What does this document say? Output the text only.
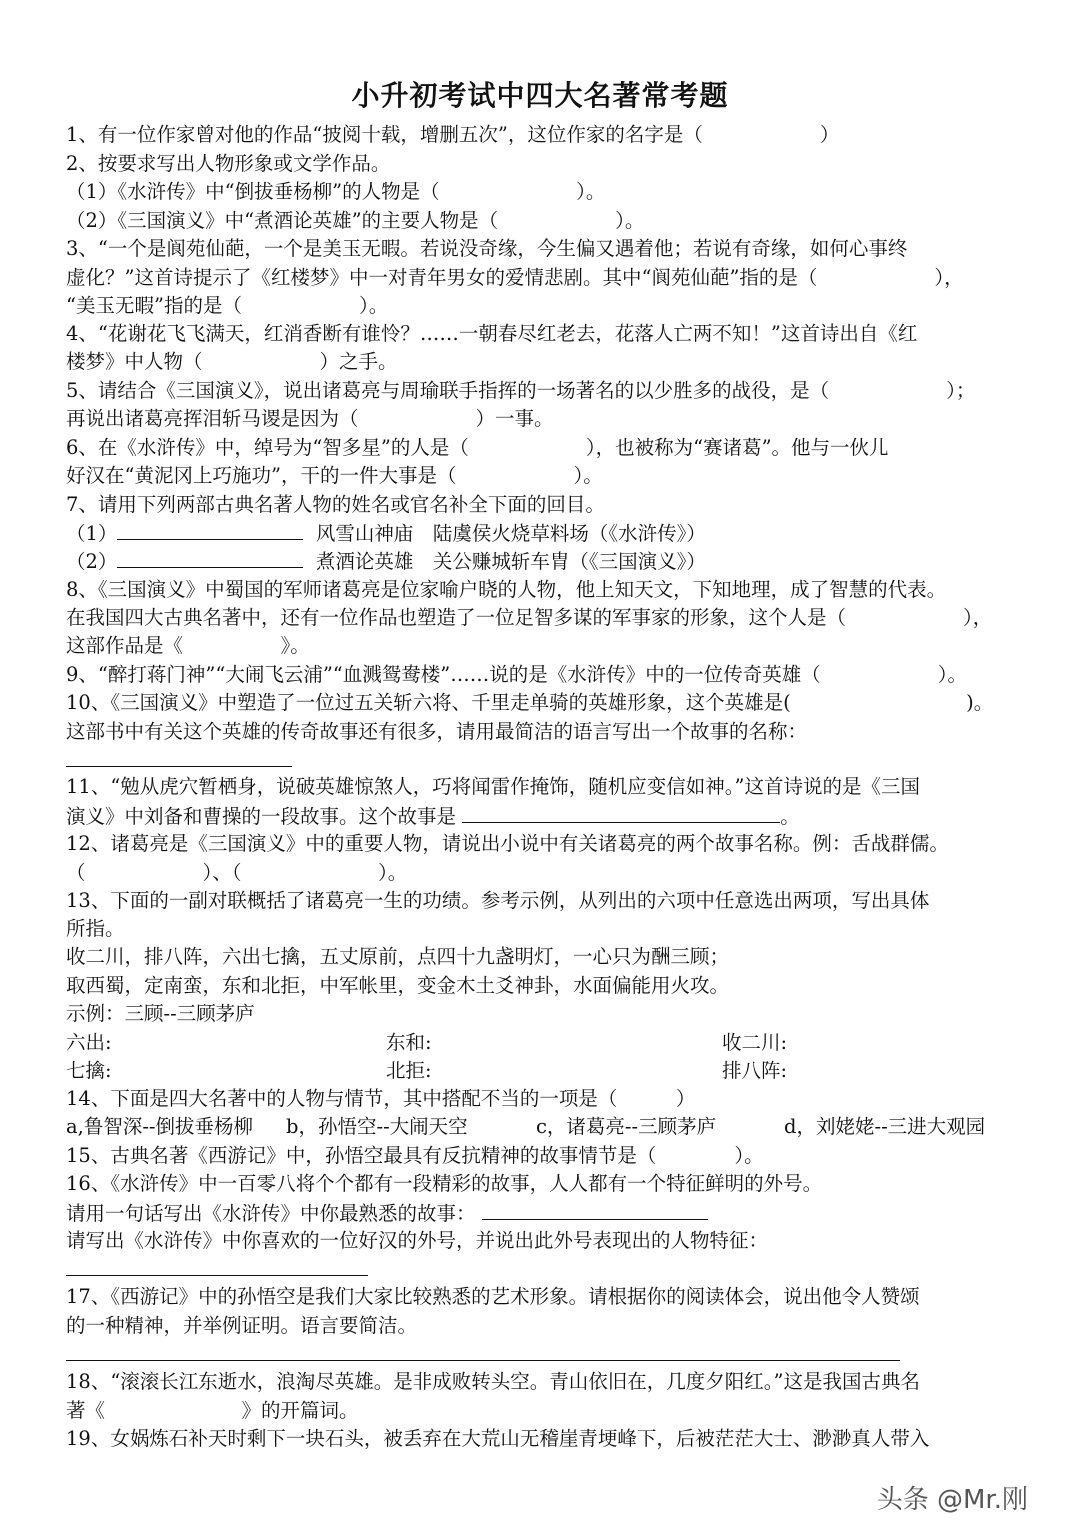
小升初考试中四大名著常考题
1、有一位作家曾对他的作品“披阅十载，增删五次”，这位作家的名字是（　　　　　　）
2、按要求写出人物形象或文学作品。
（1）《水浒传》中“倒拔垂杨柳”的人物是（　　　　　　　）。
（2）《三国演义》中“煮酒论英雄”的主要人物是（　　　　　　）。
3、“一个是阆苑仙葩，一个是美玉无暇。若说没奇缘，今生偏又遇着他；若说有奇缘，如何心事终
虚化？”这首诗提示了《红楼梦》中一对青年男女的爱情悲剧。其中“阆苑仙葩”指的是（　　　　　　），
“美玉无暇”指的是（　　　　　　）。
4、“花谢花飞飞满天，红消香断有谁怜？……一朝春尽红老去，花落人亡两不知！”这首诗出自《红
楼梦》中人物（　　　　　　）之手。
5、请结合《三国演义》，说出诸葛亮与周瑜联手指挥的一场著名的以少胜多的战役，是（　　　　　　）；
再说出诸葛亮挥泪斩马谡是因为（　　　　　　）一事。
6、在《水浒传》中，绰号为“智多星”的人是（　　　　　　），也被称为“赛诸葛”。他与一伙儿
好汉在“黄泥冈上巧施功”，干的一件大事是（　　　　　　）。
7、请用下列两部古典名著人物的姓名或官名补全下面的回目。
（1）	风雪山神庙　陆虞侯火烧草料场（《水浒传》）
（2）	煮酒论英雄　关公赚城斩车胄（《三国演义》）
8、《三国演义》中蜀国的军师诸葛亮是位家喻户晓的人物，他上知天文，下知地理，成了智慧的代表。
在我国四大古典名著中，还有一位作品也塑造了一位足智多谋的军事家的形象，这个人是（　　　　　　），
这部作品是《　　　　　》。
9、“醉打蒋门神”“大闹飞云浦”“血溅鸳鸯楼”……说的是《水浒传》中的一位传奇英雄（　　　　　　）。
10、《三国演义》中塑造了一位过五关斩六将、千里走单骑的英雄形象，这个英雄是(　　　　　　　　　)。
这部书中有关这个英雄的传奇故事还有很多，请用最简洁的语言写出一个故事的名称：
11、“勉从虎穴暂栖身，说破英雄惊煞人，巧将闻雷作掩饰，随机应变信如神。”这首诗说的是《三国
演义》中刘备和曹操的一段故事。这个故事是	。
12、诸葛亮是《三国演义》中的重要人物，请说出小说中有关诸葛亮的两个故事名称。例：舌战群儒。
（　　　　　　）、（　　　　　　　）。
13、下面的一副对联概括了诸葛亮一生的功绩。参考示例，从列出的六项中任意选出两项，写出具体
所指。
收二川，排八阵，六出七擒，五丈原前，点四十九盏明灯，一心只为酬三顾；
取西蜀，定南蛮，东和北拒，中军帐里，变金木土爻神卦，水面偏能用火攻。
示例：三顾--三顾茅庐
六出:	东和:	收二川:
七擒:	北拒:	排八阵:
14、下面是四大名著中的人物与情节，其中搭配不当的一项是（　　　）
a,鲁智深--倒拔垂杨柳 b，孙悟空--大闹天空	c，诸葛亮--三顾茅庐	d，刘姥姥--三进大观园
15、古典名著《西游记》中，孙悟空最具有反抗精神的故事情节是（　　　　）。
16、《水浒传》中一百零八将个个都有一段精彩的故事，人人都有一个特征鲜明的外号。
请用一句话写出《水浒传》中你最熟悉的故事：
请写出《水浒传》中你喜欢的一位好汉的外号，并说出此外号表现出的人物特征：
17、《西游记》中的孙悟空是我们大家比较熟悉的艺术形象。请根据你的阅读体会，说出他令人赞颂
的一种精神，并举例证明。语言要简洁。
18、“滚滚长江东逝水，浪淘尽英雄。是非成败转头空。青山依旧在，几度夕阳红。”这是我国古典名
著《　　　　　　　》的开篇词。
19、女娲炼石补天时剩下一块石头，被丢弃在大荒山无稽崖青埂峰下，后被茫茫大士、渺渺真人带入
头条 @Mr.刚
